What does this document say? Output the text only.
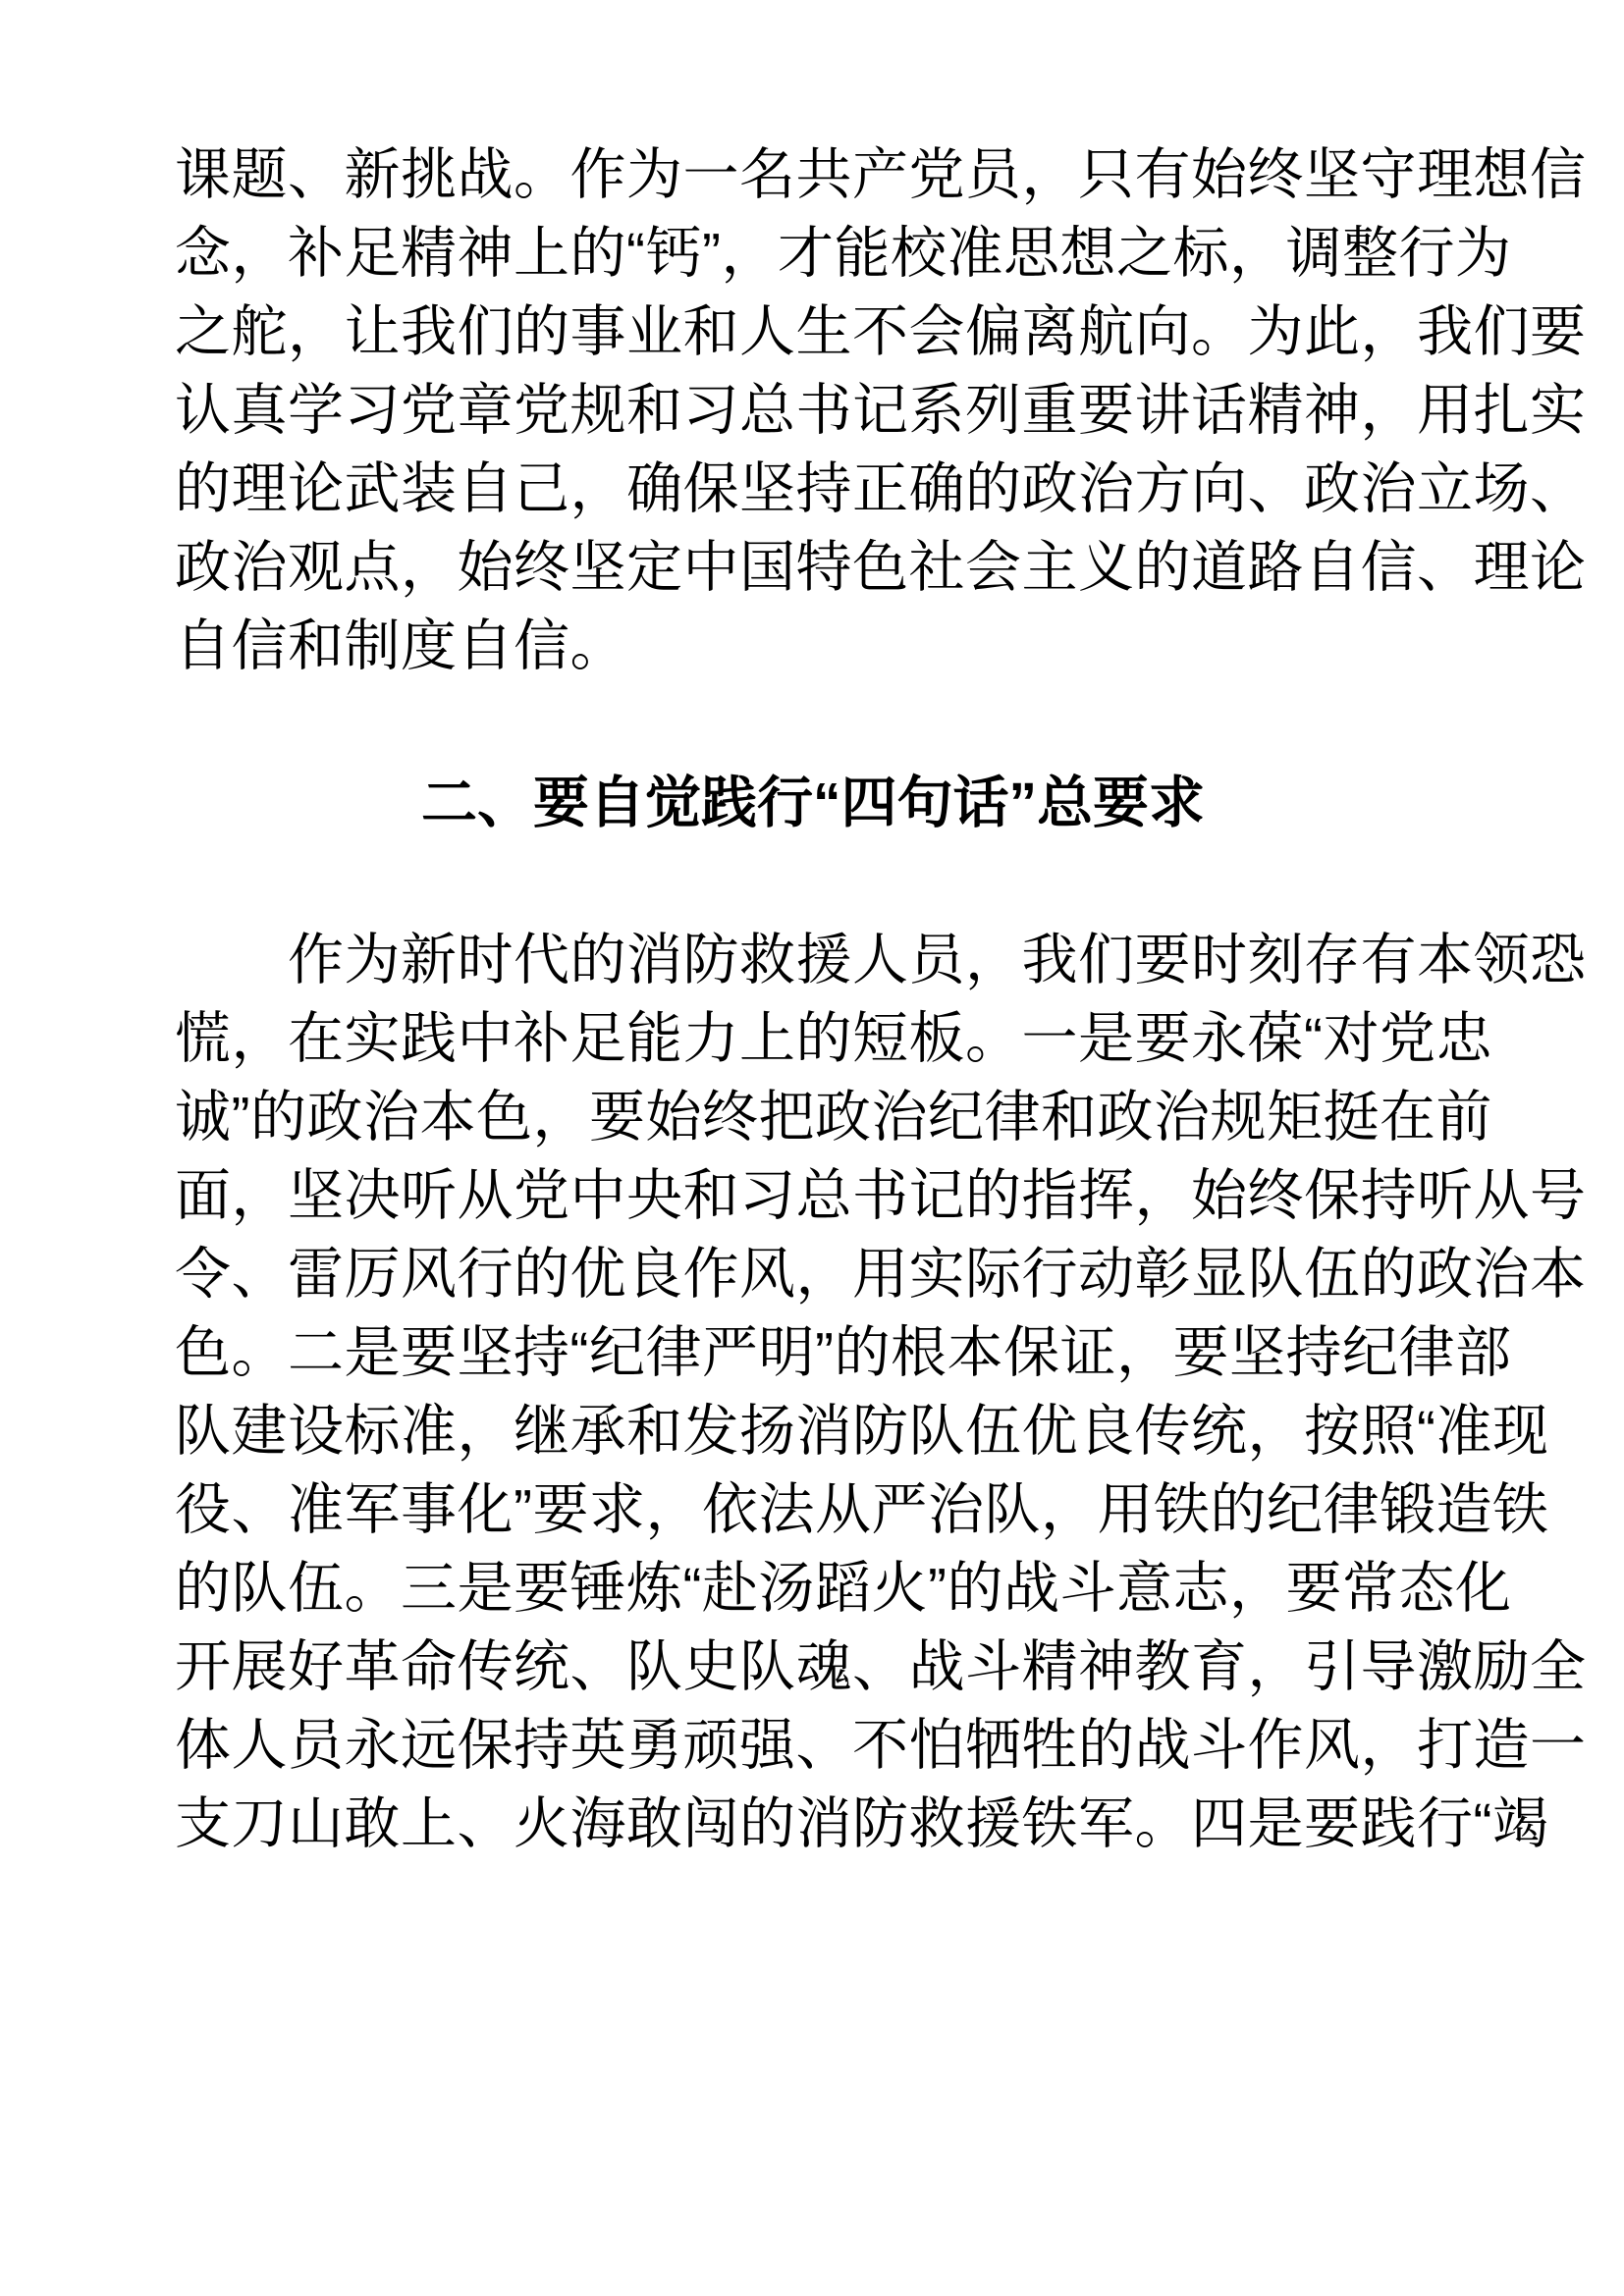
课题、新挑战。作为一名共产党员，只有始终坚守理想信
念，补足精神上的“钙”，才能校准思想之标，调整行为
之舵，让我们的事业和人生不会偏离航向。为此，我们要
认真学习党章党规和习总书记系列重要讲话精神，用扎实
的理论武装自己，确保坚持正确的政治方向、政治立场、
政治观点，始终坚定中国特色社会主义的道路自信、理论
自信和制度自信。
二、要自觉践行“四句话”总要求
　　作为新时代的消防救援人员，我们要时刻存有本领恐
慌，在实践中补足能力上的短板。一是要永葆“对党忠
诚”的政治本色，要始终把政治纪律和政治规矩挺在前
面，坚决听从党中央和习总书记的指挥，始终保持听从号
令、雷厉风行的优良作风，用实际行动彰显队伍的政治本
色。二是要坚持“纪律严明”的根本保证，要坚持纪律部
队建设标准，继承和发扬消防队伍优良传统，按照“准现
役、准军事化”要求，依法从严治队，用铁的纪律锻造铁
的队伍。三是要锤炼“赴汤蹈火”的战斗意志，要常态化
开展好革命传统、队史队魂、战斗精神教育，引导激励全
体人员永远保持英勇顽强、不怕牺牲的战斗作风，打造一
支刀山敢上、火海敢闯的消防救援铁军。四是要践行“竭
